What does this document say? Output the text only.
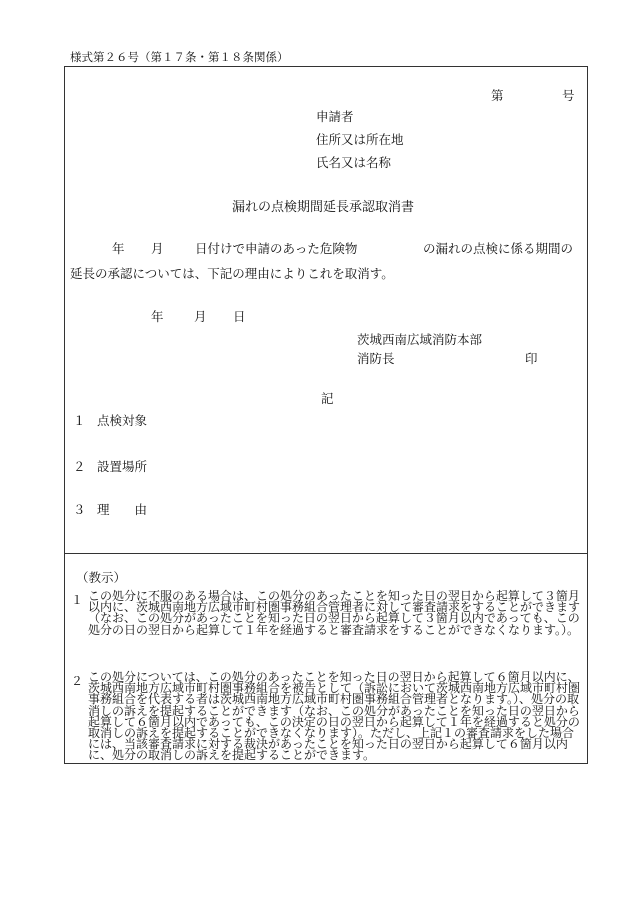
様式第２６号（第１７条・第１８条関係）
第	号
申請者
住所又は所在地
氏名又は名称
漏れの点検期間延長承認取消書
年 月	日付けで申請のあった危険物	の漏れの点検に係る期間の
延長の承認については、下記の理由によりこれを取消す。
年 月 日
茨城西南広域消防本部
消防長	印
記
１ 点検対象
２ 設置場所
３ 理　　由
（教示）
１ この処分に不服のある場合は、この処分のあったことを知った日の翌日から起算して３箇月以内に、茨城西南地方広域市町村圏事務組合管理者に対して審査請求をすることができます（なお、この処分があったことを知った日の翌日から起算して３箇月以内であっても、この処分の日の翌日から起算して１年を経過すると審査請求をすることができなくなります。）。
２ この処分については、この処分のあったことを知った日の翌日から起算して６箇月以内に、茨城西南地方広域市町村圏事務組合を被告として（訴訟において茨城西南地方広域市町村圏事務組合を代表する者は茨城西南地方広域市町村圏事務組合管理者となります。）、処分の取消しの訴えを提起することができます（なお、この処分があったことを知った日の翌日から起算して６箇月以内であっても、この決定の日の翌日から起算して１年を経過すると処分の取消しの訴えを提起することができなくなります）。ただし、上記１の審査請求をした場合には、当該審査請求に対する裁決があったことを知った日の翌日から起算して６箇月以内に、処分の取消しの訴えを提起することができます。
